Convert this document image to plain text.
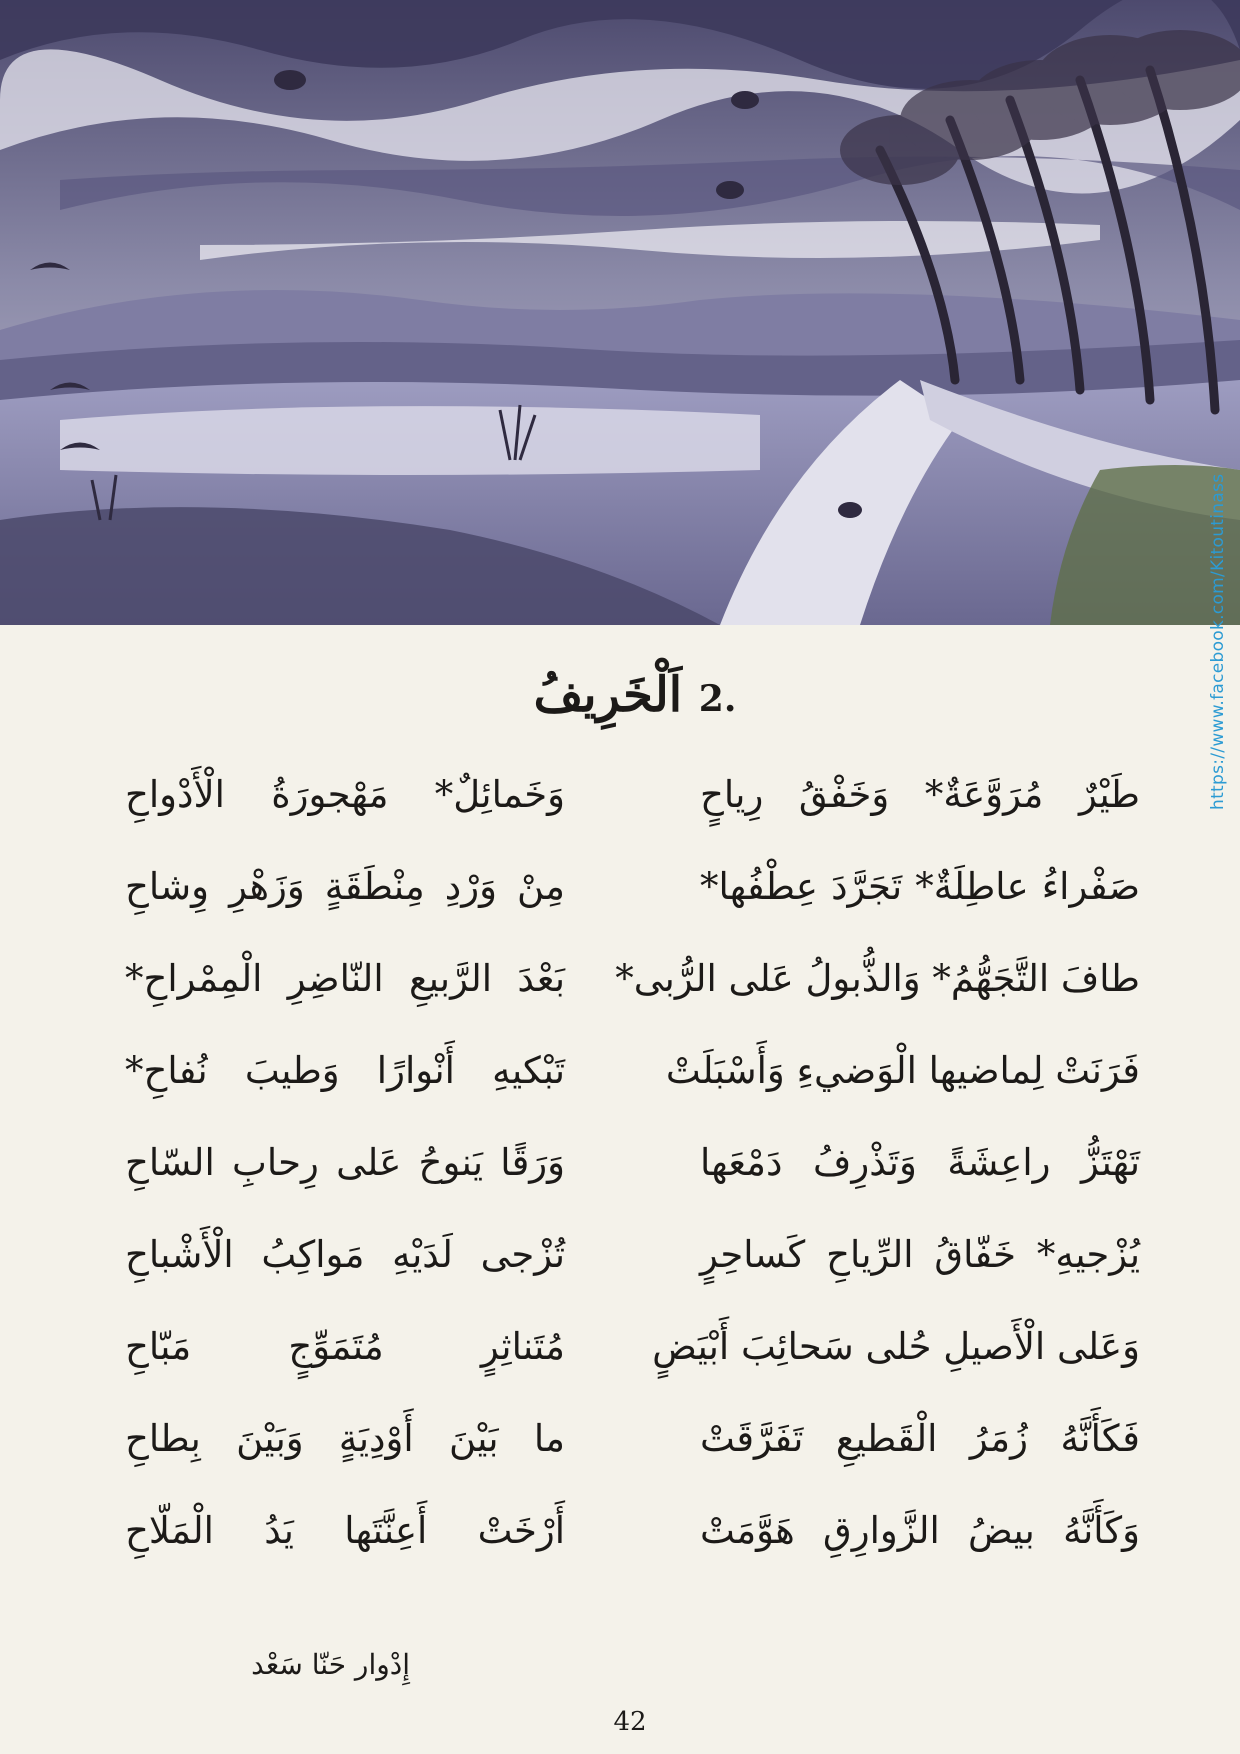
https://www.facebook.com/Kitoutinass
.2 اَلْخَرِيفُ
طَيْرٌ مُرَوَّعَةٌ* وَخَفْقُ رِياحٍ
وَخَمائِلٌ* مَهْجورَةُ الْأَدْواحِ
صَفْراءُ عاطِلَةٌ* تَجَرَّدَ عِطْفُها*
مِنْ وَرْدِ مِنْطَقَةٍ وَزَهْرِ وِشاحِ
طافَ التَّجَهُّمُ* وَالذُّبولُ عَلى الرُّبى*
بَعْدَ الرَّبيعِ النّاضِرِ الْمِمْراحِ*
فَرَنَتْ لِماضيها الْوَضيءِ وَأَسْبَلَتْ
تَبْكيهِ أَنْوارًا وَطيبَ نُفاحِ*
تَهْتَزُّ راعِشَةً وَتَذْرِفُ دَمْعَها
وَرَقًا يَنوحُ عَلى رِحابِ السّاحِ
يُزْجيهِ* خَفّاقُ الرِّياحِ كَساحِرٍ
تُزْجى لَدَيْهِ مَواكِبُ الْأَشْباحِ
وَعَلى الْأَصيلِ حُلى سَحائِبَ أَبْيَضٍ
مُتَناثِرٍ مُتَمَوِّجٍ مَبّاحِ
فَكَأَنَّهُ زُمَرُ الْقَطيعِ تَفَرَّقَتْ
ما بَيْنَ أَوْدِيَةٍ وَبَيْنَ بِطاحِ
وَكَأَنَّهُ بيضُ الزَّوارِقِ هَوَّمَتْ
أَرْخَتْ أَعِنَّتَها يَدُ الْمَلّاحِ
إِدْوار حَنّا سَعْد
42
